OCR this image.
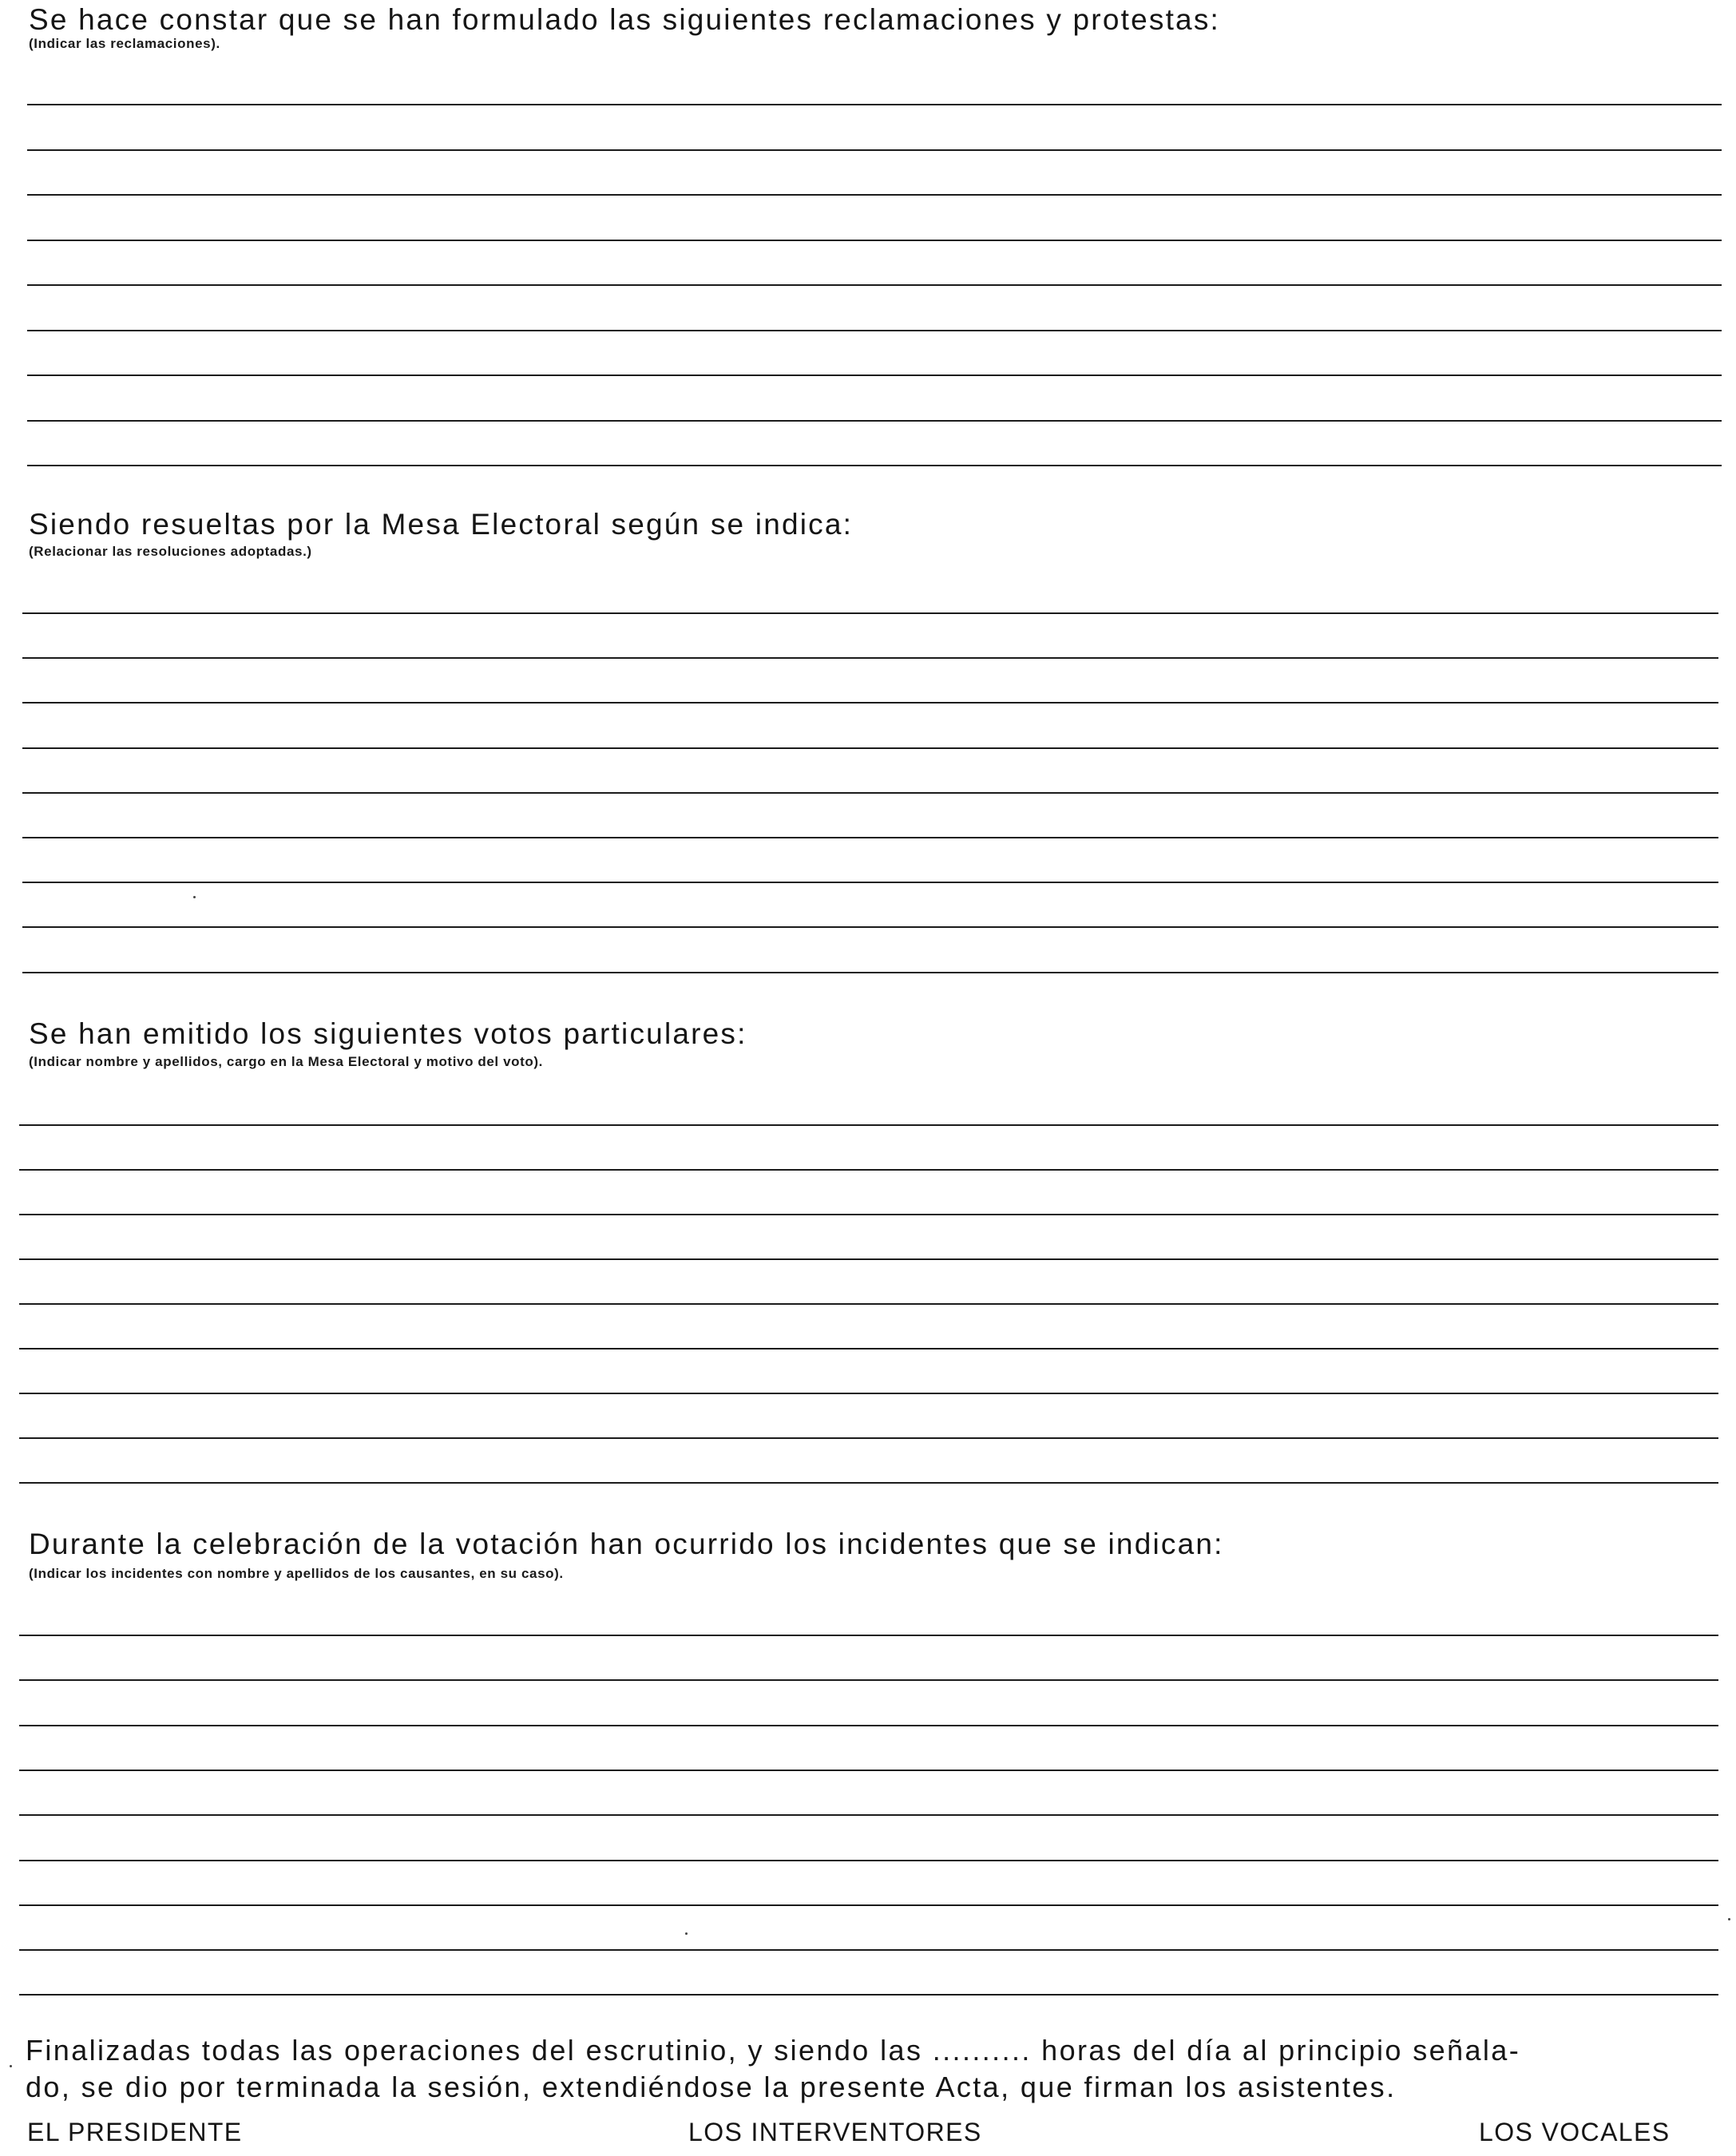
Se hace constar que se han formulado las siguientes reclamaciones y protestas:
(Indicar las reclamaciones).
Siendo resueltas por la Mesa Electoral según se indica:
(Relacionar las resoluciones adoptadas.)
Se han emitido los siguientes votos particulares:
(Indicar nombre y apellidos, cargo en la Mesa Electoral y motivo del voto).
Durante la celebración de la votación han ocurrido los incidentes que se indican:
(Indicar los incidentes con nombre y apellidos de los causantes, en su caso).
Finalizadas todas las operaciones del escrutinio, y siendo las .......... horas del día al principio señala-
do, se dio por terminada la sesión, extendiéndose la presente Acta, que firman los asistentes.
EL PRESIDENTE	LOS INTERVENTORES	LOS VOCALES
